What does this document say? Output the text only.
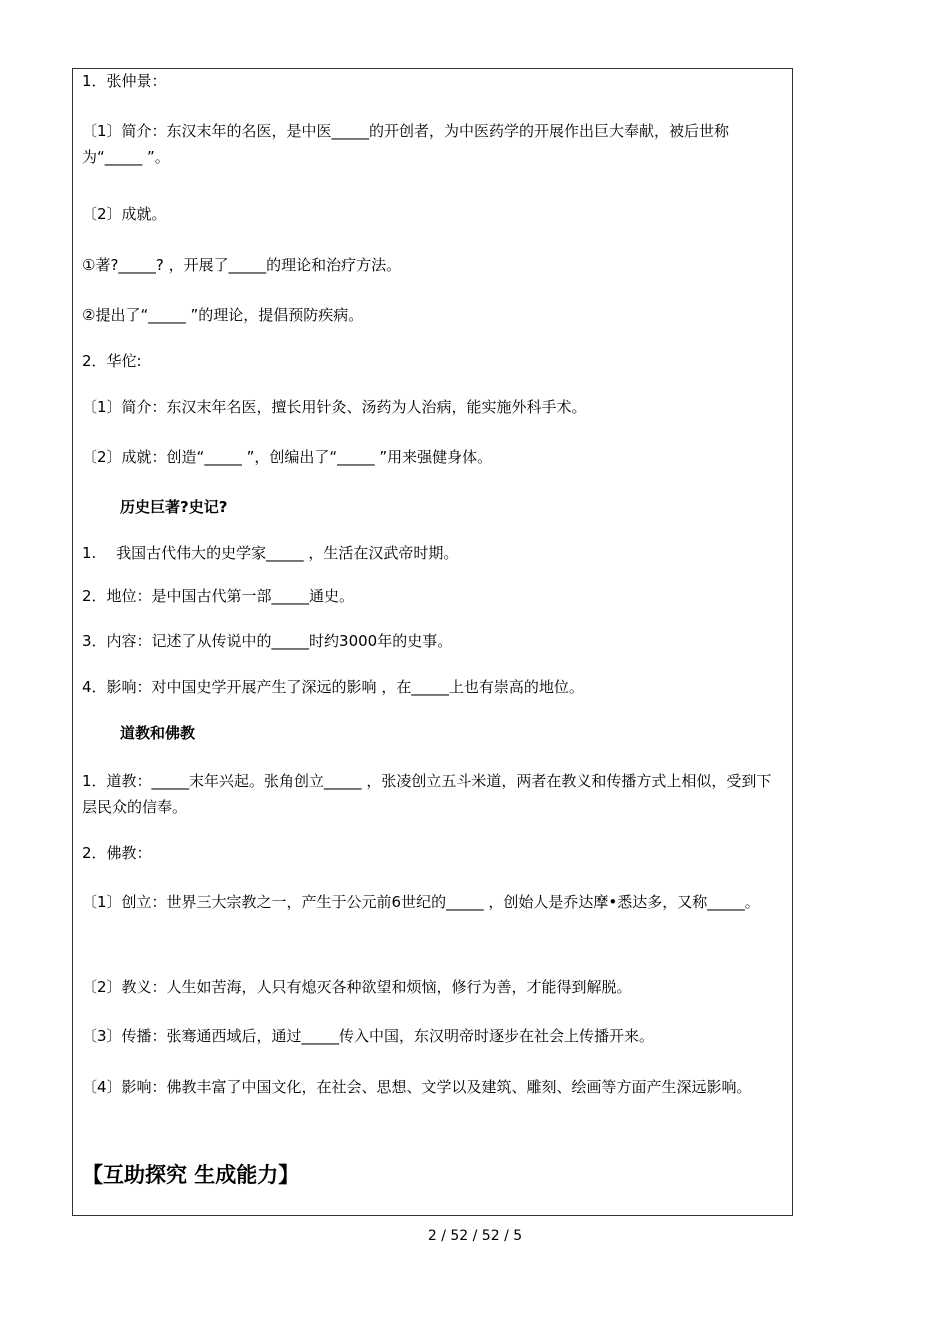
1．张仲景：
〔1〕简介：东汉末年的名医，是中医_____的开创者，为中医药学的开展作出巨大奉献，被后世称为“_____ ”。
〔2〕成就。
①著?_____? ，开展了_____的理论和治疗方法。
②提出了“_____ ”的理论，提倡预防疾病。
2．华佗:
〔1〕简介：东汉末年名医，擅长用针灸、汤药为人治病，能实施外科手术。
〔2〕成就：创造“_____ ”，创编出了“_____ ”用来强健身体。
历史巨著?史记?
1.　 我国古代伟大的史学家_____ ，生活在汉武帝时期。
2．地位：是中国古代第一部_____通史。
3．内容：记述了从传说中的_____时约3000年的史事。
4．影响：对中国史学开展产生了深远的影响 ，在_____上也有崇高的地位。
道教和佛教
1．道教：_____末年兴起。张角创立_____ ，张凌创立五斗米道，两者在教义和传播方式上相似，受到下层民众的信奉。
2．佛教：
〔1〕创立：世界三大宗教之一，产生于公元前6世纪的_____ ，创始人是乔达摩•悉达多，又称_____。
〔2〕教义：人生如苦海，人只有熄灭各种欲望和烦恼，修行为善，才能得到解脱。
〔3〕传播：张骞通西域后，通过_____传入中国，东汉明帝时逐步在社会上传播开来。
〔4〕影响：佛教丰富了中国文化，在社会、思想、文学以及建筑、雕刻、绘画等方面产生深远影响。
【互助探究 生成能力】
2 / 52 / 52 / 5
